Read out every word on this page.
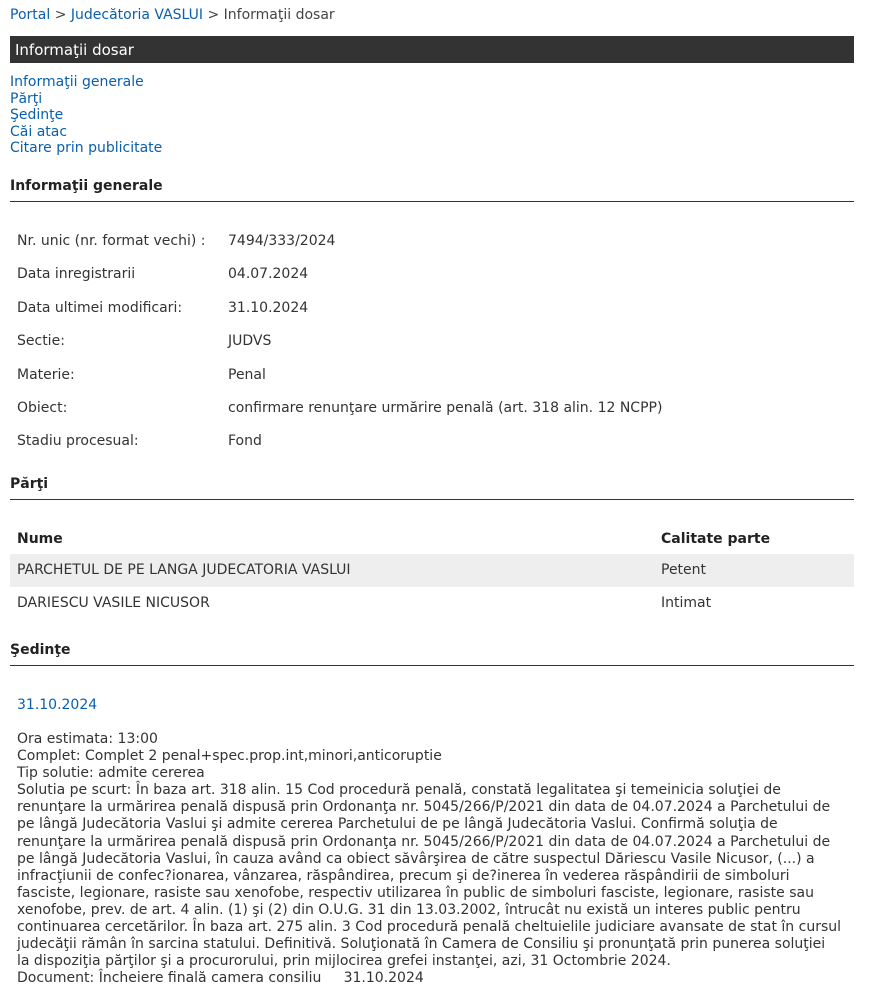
Portal > Judecătoria VASLUI > Informaţii dosar
Informaţii dosar
Informaţii generale
Părţi
Şedinţe
Căi atac
Citare prin publicitate
Informaţii generale
Nr. unic (nr. format vechi) : 7494/333/2024
Data inregistrarii	04.07.2024
Data ultimei modificari:	31.10.2024
Sectie:	JUDVS
Materie:	Penal
Obiect:	confirmare renunţare urmărire penală (art. 318 alin. 12 NCPP)
Stadiu procesual:	Fond
Părţi
Nume	Calitate parte
PARCHETUL DE PE LANGA JUDECATORIA VASLUI	Petent
DARIESCU VASILE NICUSOR	Intimat
Şedinţe
31.10.2024
Ora estimata: 13:00
Complet: Complet 2 penal+spec.prop.int,minori,anticoruptie
Tip solutie: admite cererea
Solutia pe scurt: În baza art. 318 alin. 15 Cod procedură penală, constată legalitatea şi temeinicia soluţiei de renunţare la urmărirea penală dispusă prin Ordonanţa nr. 5045/266/P/2021 din data de 04.07.2024 a Parchetului de pe lângă Judecătoria Vaslui şi admite cererea Parchetului de pe lângă Judecătoria Vaslui. Confirmă soluţia de renunţare la urmărirea penală dispusă prin Ordonanţa nr. 5045/266/P/2021 din data de 04.07.2024 a Parchetului de pe lângă Judecătoria Vaslui, în cauza având ca obiect săvârşirea de către suspectul Dăriescu Vasile Nicusor, (...) a infracţiunii de confec?ionarea, vânzarea, răspândirea, precum şi de?inerea în vederea răspândirii de simboluri fasciste, legionare, rasiste sau xenofobe, respectiv utilizarea în public de simboluri fasciste, legionare, rasiste sau xenofobe, prev. de art. 4 alin. (1) şi (2) din O.U.G. 31 din 13.03.2002, întrucât nu există un interes public pentru continuarea cercetărilor. În baza art. 275 alin. 3 Cod procedură penală cheltuielile judiciare avansate de stat în cursul judecăţii rămân în sarcina statului. Definitivă. Soluţionată în Camera de Consiliu şi pronunţată prin punerea soluţiei la dispoziţia părţilor şi a procurorului, prin mijlocirea grefei instanţei, azi, 31 Octombrie 2024.
Document: Încheiere finală camera consiliu     31.10.2024
